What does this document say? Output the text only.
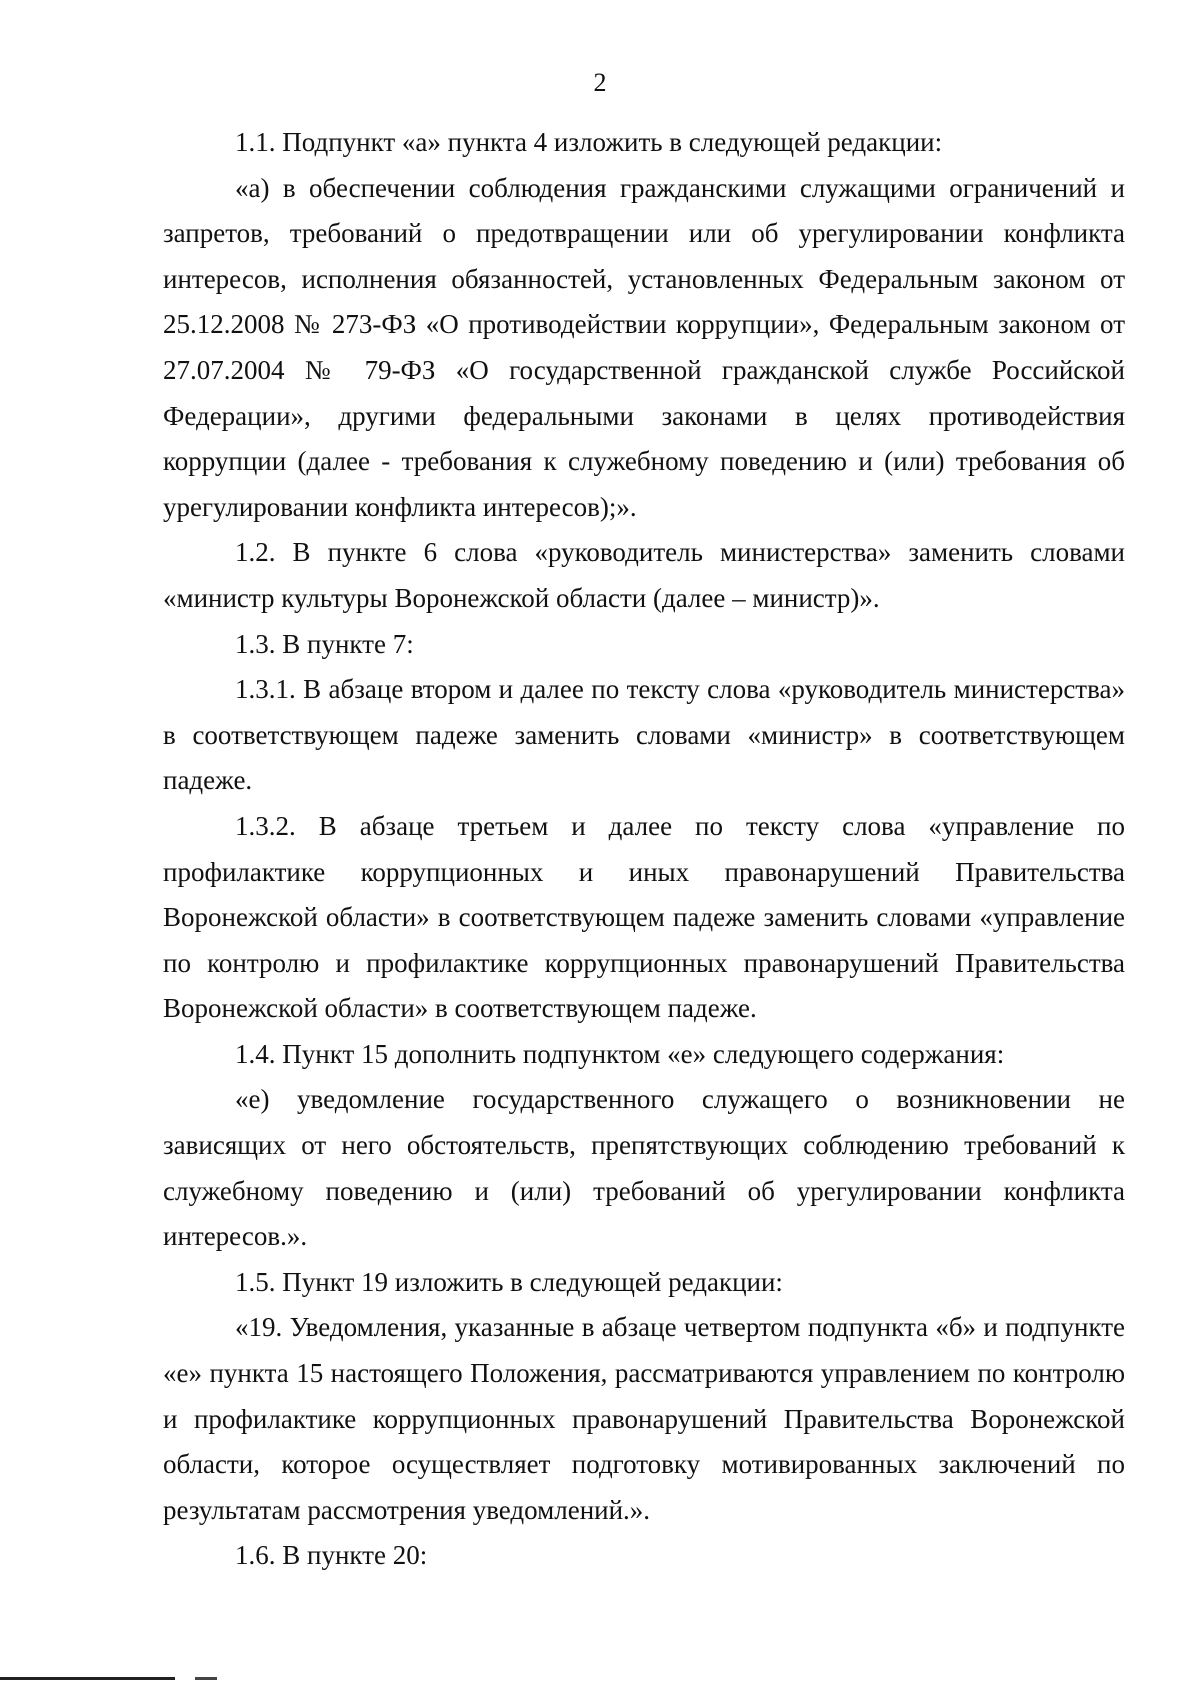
2

1.1. Подпункт «а» пункта 4 изложить в следующей редакции:

«а) в обеспечении соблюдения гражданскими служащими ограничений и запретов, требований о предотвращении или об урегулировании конфликта интересов, исполнения обязанностей, установленных Федеральным законом от 25.12.2008 № 273-ФЗ «О противодействии коррупции», Федеральным законом от 27.07.2004 № 79-ФЗ «О государственной гражданской службе Российской Федерации», другими федеральными законами в целях противодействия коррупции (далее - требования к служебному поведению и (или) требования об урегулировании конфликта интересов);».

1.2. В пункте 6 слова «руководитель министерства» заменить словами «министр культуры Воронежской области (далее – министр)».

1.3. В пункте 7:

1.3.1. В абзаце втором и далее по тексту слова «руководитель министерства» в соответствующем падеже заменить словами «министр» в соответствующем падеже.

1.3.2. В абзаце третьем и далее по тексту слова «управление по профилактике коррупционных и иных правонарушений Правительства Воронежской области» в соответствующем падеже заменить словами «управление по контролю и профилактике коррупционных правонарушений Правительства Воронежской области» в соответствующем падеже.

1.4. Пункт 15 дополнить подпунктом «е» следующего содержания:

«е) уведомление государственного служащего о возникновении не зависящих от него обстоятельств, препятствующих соблюдению требований к служебному поведению и (или) требований об урегулировании конфликта интересов.».

1.5. Пункт 19 изложить в следующей редакции:

«19. Уведомления, указанные в абзаце четвертом подпункта «б» и подпункте «е» пункта 15 настоящего Положения, рассматриваются управлением по контролю и профилактике коррупционных правонарушений Правительства Воронежской области, которое осуществляет подготовку мотивированных заключений по результатам рассмотрения уведомлений.».

1.6. В пункте 20:
